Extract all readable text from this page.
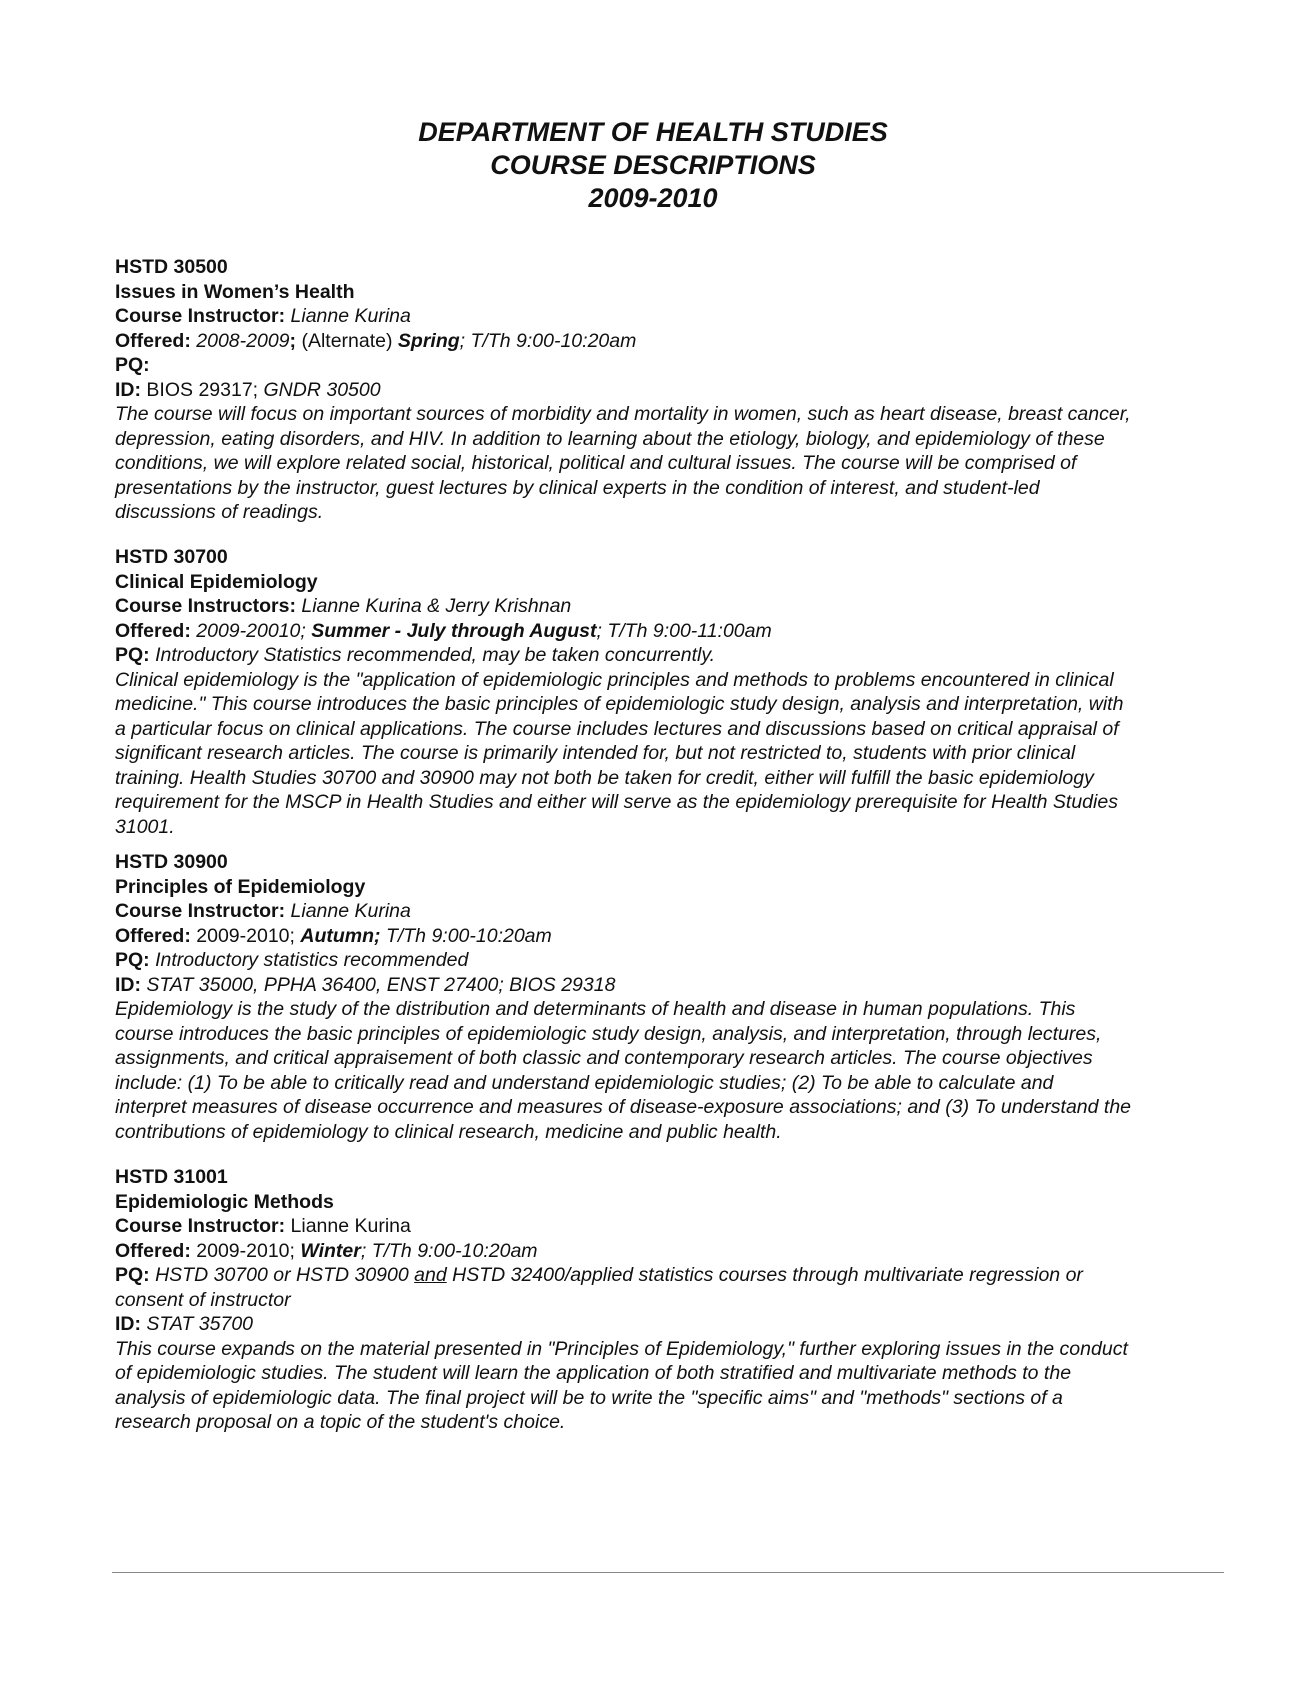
DEPARTMENT OF HEALTH STUDIES
COURSE DESCRIPTIONS
2009-2010
HSTD 30500
Issues in Women’s Health
Course Instructor: Lianne Kurina
Offered: 2008-2009; (Alternate) Spring; T/Th 9:00-10:20am
PQ:
ID: BIOS 29317; GNDR 30500
The course will focus on important sources of morbidity and mortality in women, such as heart disease, breast cancer,
depression, eating disorders, and HIV. In addition to learning about the etiology, biology, and epidemiology of these
conditions, we will explore related social, historical, political and cultural issues. The course will be comprised of
presentations by the instructor, guest lectures by clinical experts in the condition of interest, and student-led
discussions of readings.
HSTD 30700
Clinical Epidemiology
Course Instructors: Lianne Kurina & Jerry Krishnan
Offered: 2009-20010; Summer - July through August; T/Th 9:00-11:00am
PQ: Introductory Statistics recommended, may be taken concurrently.
Clinical epidemiology is the "application of epidemiologic principles and methods to problems encountered in clinical
medicine." This course introduces the basic principles of epidemiologic study design, analysis and interpretation, with
a particular focus on clinical applications. The course includes lectures and discussions based on critical appraisal of
significant research articles. The course is primarily intended for, but not restricted to, students with prior clinical
training. Health Studies 30700 and 30900 may not both be taken for credit, either will fulfill the basic epidemiology
requirement for the MSCP in Health Studies and either will serve as the epidemiology prerequisite for Health Studies
31001.
HSTD 30900
Principles of Epidemiology
Course Instructor: Lianne Kurina
Offered: 2009-2010; Autumn; T/Th 9:00-10:20am
PQ: Introductory statistics recommended
ID: STAT 35000, PPHA 36400, ENST 27400; BIOS 29318
Epidemiology is the study of the distribution and determinants of health and disease in human populations. This
course introduces the basic principles of epidemiologic study design, analysis, and interpretation, through lectures,
assignments, and critical appraisement of both classic and contemporary research articles. The course objectives
include: (1) To be able to critically read and understand epidemiologic studies; (2) To be able to calculate and
interpret measures of disease occurrence and measures of disease-exposure associations; and (3) To understand the
contributions of epidemiology to clinical research, medicine and public health.
HSTD 31001
Epidemiologic Methods
Course Instructor: Lianne Kurina
Offered: 2009-2010; Winter; T/Th 9:00-10:20am
PQ: HSTD 30700 or HSTD 30900 and HSTD 32400/applied statistics courses through multivariate regression or
consent of instructor
ID: STAT 35700
This course expands on the material presented in "Principles of Epidemiology," further exploring issues in the conduct
of epidemiologic studies. The student will learn the application of both stratified and multivariate methods to the
analysis of epidemiologic data. The final project will be to write the "specific aims" and "methods" sections of a
research proposal on a topic of the student's choice.
